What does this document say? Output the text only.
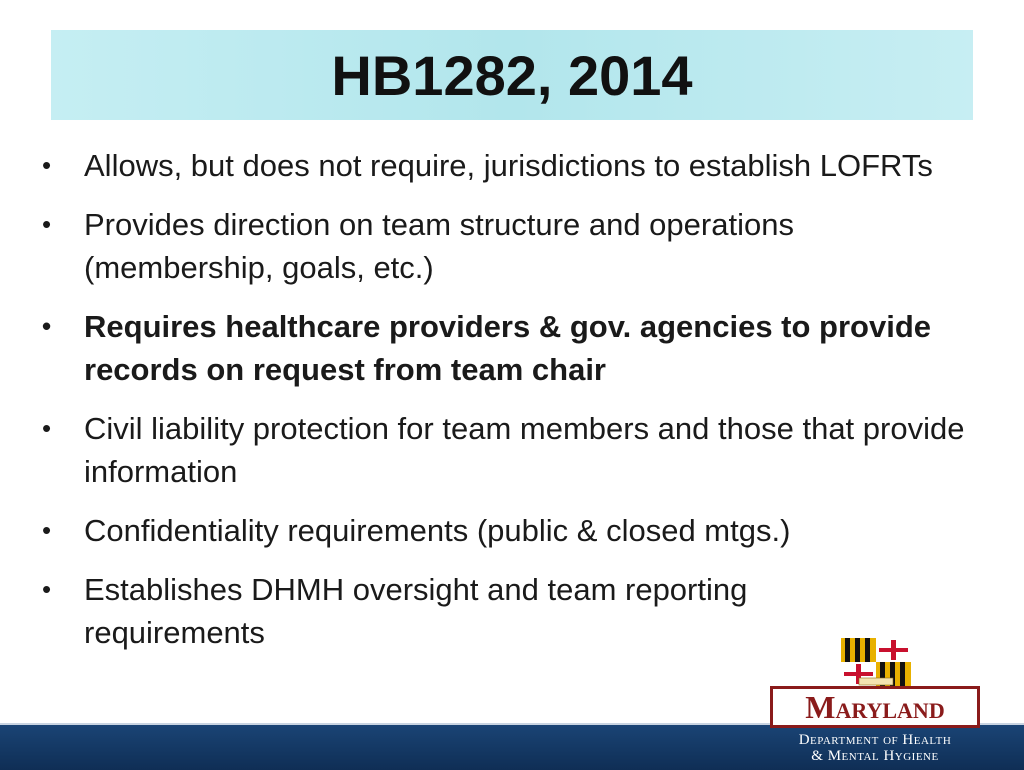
HB1282, 2014
• Allows, but does not require, jurisdictions to establish LOFRTs
• Provides direction on team structure and operations (membership, goals, etc.)
• Requires healthcare providers & gov. agencies to provide records on request from team chair
• Civil liability protection for team members and those that provide information
• Confidentiality requirements (public & closed mtgs.)
• Establishes DHMH oversight and team reporting requirements
Maryland
Department of Health
& Mental Hygiene
